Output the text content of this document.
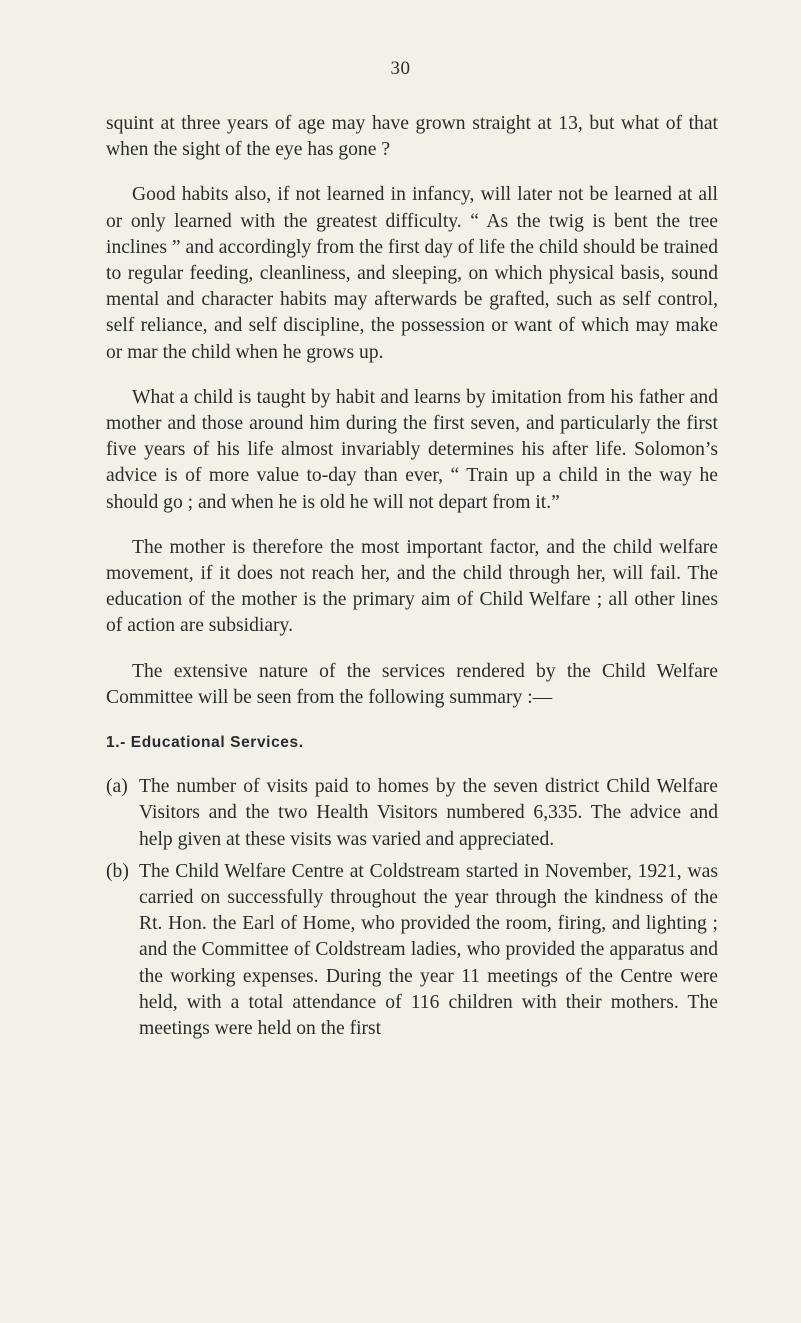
30

squint at three years of age may have grown straight at 13, but what of that when the sight of the eye has gone ?

Good habits also, if not learned in infancy, will later not be learned at all or only learned with the greatest difficulty. “ As the twig is bent the tree inclines ” and accordingly from the first day of life the child should be trained to regular feeding, cleanliness, and sleeping, on which physical basis, sound mental and character habits may afterwards be grafted, such as self control, self reliance, and self discipline, the possession or want of which may make or mar the child when he grows up.

What a child is taught by habit and learns by imitation from his father and mother and those around him during the first seven, and particularly the first five years of his life almost invariably determines his after life. Solomon’s advice is of more value to-day than ever, “ Train up a child in the way he should go ; and when he is old he will not depart from it.”

The mother is therefore the most important factor, and the child welfare movement, if it does not reach her, and the child through her, will fail. The education of the mother is the primary aim of Child Welfare ; all other lines of action are subsidiary.

The extensive nature of the services rendered by the Child Welfare Committee will be seen from the following summary :—

1.- Educational Services.
(a) The number of visits paid to homes by the seven district Child Welfare Visitors and the two Health Visitors numbered 6,335. The advice and help given at these visits was varied and appreciated.
(b) The Child Welfare Centre at Coldstream started in November, 1921, was carried on successfully throughout the year through the kindness of the Rt. Hon. the Earl of Home, who provided the room, firing, and lighting ; and the Committee of Coldstream ladies, who provided the apparatus and the working expenses. During the year 11 meetings of the Centre were held, with a total attendance of 116 children with their mothers. The meetings were held on the first
